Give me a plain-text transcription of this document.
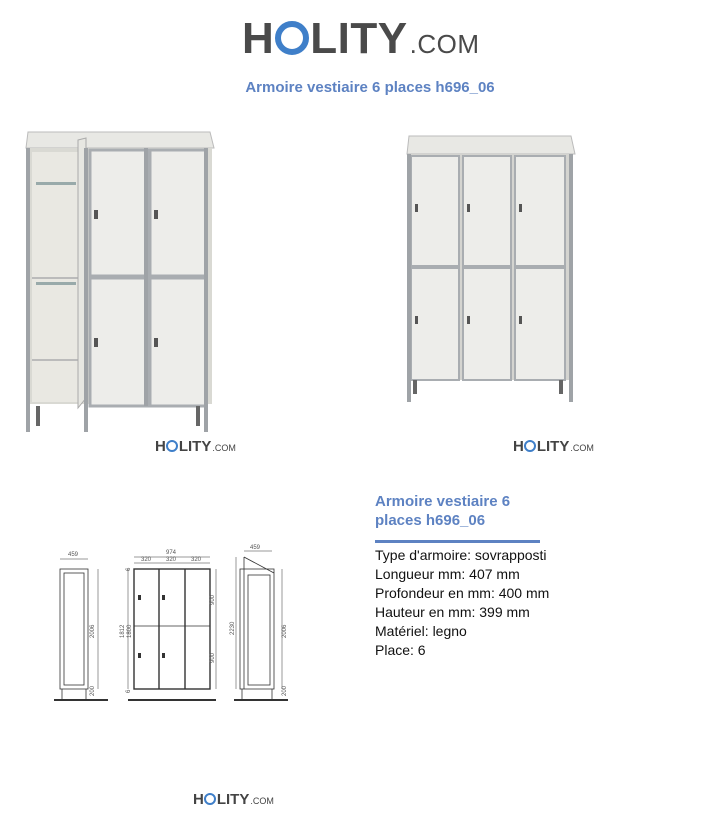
H LITY .COM
Armoire vestiaire 6 places h696_06
H LITY .COM	H LITY .COM
459
2006
200
974
320 320 320
1812 1800
6
6
900
900
459
2230	2006
200
Armoire vestiaire 6
places h696_06
Type d'armoire: sovrapposti
Longueur mm: 407 mm
Profondeur en mm: 400 mm
Hauteur en mm: 399 mm
Matériel: legno
Place: 6
H LITY .COM
